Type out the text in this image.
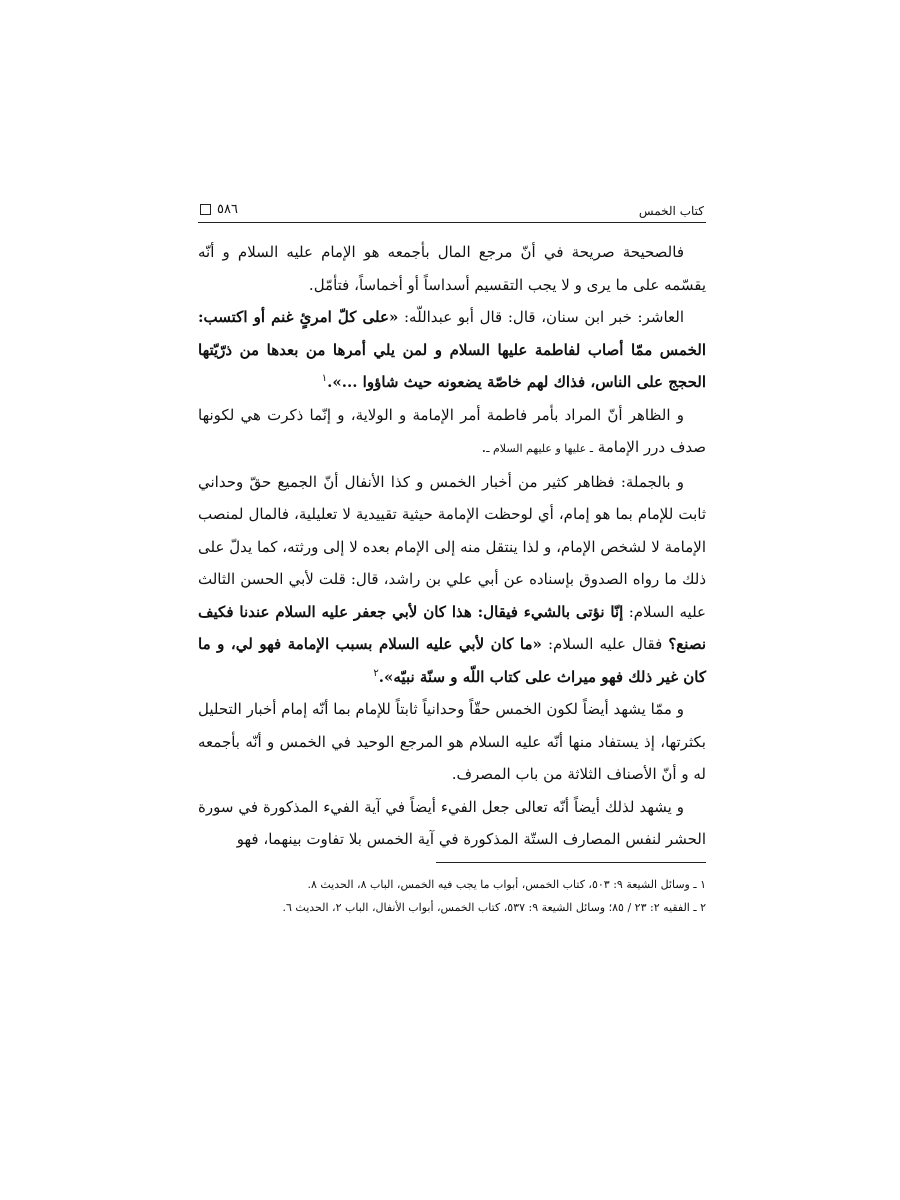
كتاب الخمس
٥٨٦

فالصحيحة صريحة في أنّ مرجع المال بأجمعه هو الإمام عليه السلام و أنّه يقسّمه على ما يرى و لا يجب التقسيم أسداساً أو أخماساً، فتأمّل.

العاشر: خبر ابن سنان، قال: قال أبو عبداللّه: «على كلّ امرئٍ غنم أو اكتسب: الخمس ممّا أصاب لفاطمة عليها السلام و لمن يلي أمرها من بعدها من ذرّيّتها الحجج على الناس، فذاك لهم خاصّة يضعونه حيث شاؤوا ...».$^١$

و الظاهر أنّ المراد بأمر فاطمة أمر الإمامة و الولاية، و إنّما ذكرت هي لكونها صدف درر الإمامة ـ عليها و عليهم السلام ـ.

و بالجملة: فظاهر كثير من أخبار الخمس و كذا الأنفال أنّ الجميع حقّ وحداني ثابت للإمام بما هو إمام، أي لوحظت الإمامة حيثية تقييدية لا تعليلية، فالمال لمنصب الإمامة لا لشخص الإمام، و لذا ينتقل منه إلى الإمام بعده لا إلى ورثته، كما يدلّ على ذلك ما رواه الصدوق بإسناده عن أبي علي بن راشد، قال: قلت لأبي الحسن الثالث عليه السلام: إنّا نؤتى بالشيء فيقال: هذا كان لأبي جعفر عليه السلام عندنا فكيف نصنع؟ فقال عليه السلام: «ما كان لأبي عليه السلام بسبب الإمامة فهو لي، و ما كان غير ذلك فهو ميراث على كتاب اللّه و سنّة نبيّه».$^٢$

و ممّا يشهد أيضاً لكون الخمس حقّاً وحدانياً ثابتاً للإمام بما أنّه إمام أخبار التحليل بكثرتها، إذ يستفاد منها أنّه عليه السلام هو المرجع الوحيد في الخمس و أنّه بأجمعه له و أنّ الأصناف الثلاثة من باب المصرف.

و يشهد لذلك أيضاً أنّه تعالى جعل الفيء أيضاً في آية الفيء المذكورة في سورة الحشر لنفس المصارف الستّة المذكورة في آية الخمس بلا تفاوت بينهما، فهو

١ ـ وسائل الشيعة ٩: ٥٠٣، كتاب الخمس، أبواب ما يجب فيه الخمس، الباب ٨، الحديث ٨.
٢ ـ الفقيه ٢: ٢٣ / ٨٥؛ وسائل الشيعة ٩: ٥٣٧، كتاب الخمس، أبواب الأنفال، الباب ٢، الحديث ٦.
